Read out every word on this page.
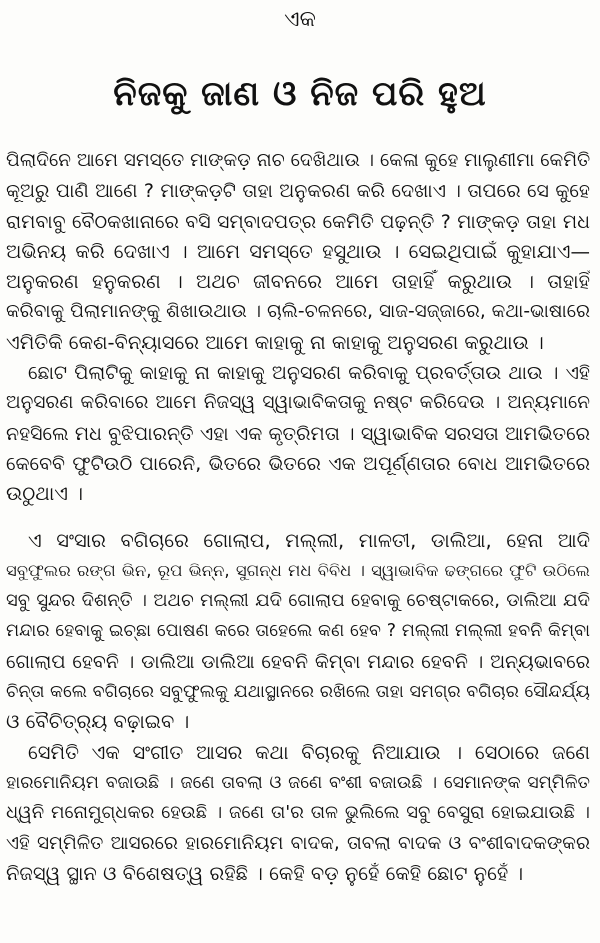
ଏକ
ନିଜକୁ ଜାଣ ଓ ନିଜ ପରି ହୁଅ
ପିଲାଦିନେ ଆମେ ସମସ୍ତେ ମାଙ୍କଡ଼ ନାଚ ଦେଖିଥାଉ । କେଳା କୁହେ ମାଲୁଣୀମା କେମିତି
କୂଅରୁ ପାଣି ଆଣେ ? ମାଙ୍କଡ଼ଟି ତାହା ଅନୁକରଣ କରି ଦେଖାଏ । ତାପରେ ସେ କୁହେ
ରାମବାବୁ ବୈଠକଖାନାରେ ବସି ସମ୍ବାଦପତ୍ର କେମିତି ପଢ଼ନ୍ତି ? ମାଙ୍କଡ଼ ତାହା ମଧ
ଅଭିନୟ କରି ଦେଖାଏ । ଆମେ ସମସ୍ତେ ହସୁଥାଉ । ସେଇଥିପାଇଁ କୁହାଯାଏ—
ଅନୁକରଣ ହନୁକରଣ । ଅଥଚ ଜୀବନରେ ଆମେ ତାହାହିଁ କରୁଥାଉ । ତାହାହିଁ
କରିବାକୁ ପିଲାମାନଙ୍କୁ ଶିଖାଉଥାଉ । ଚାଲି-ଚଳନରେ, ସାଜ-ସଜ୍ଜାରେ, କଥା-ଭାଷାରେ
ଏମିତିକି କେଶ-ବିନ୍ୟାସରେ ଆମେ କାହାକୁ ନା କାହାକୁ ଅନୁସରଣ କରୁଥାଉ ।
ଛୋଟ ପିଲାଟିକୁ କାହାକୁ ନା କାହାକୁ ଅନୁସରଣ କରିବାକୁ ପ୍ରବର୍ତ୍ତାଉ ଥାଉ । ଏହି
ଅନୁସରଣ କରିବାରେ ଆମେ ନିଜସ୍ୱ ସ୍ୱାଭାବିକତାକୁ ନଷ୍ଟ କରିଦେଉ । ଅନ୍ୟମାନେ
ନହସିଲେ ମଧ ବୁଝିପାରନ୍ତି ଏହା ଏକ କୃତ୍ରିମତା । ସ୍ୱାଭାବିକ ସରସତା ଆମଭିତରେ
କେବେବି ଫୁଟିଉଠି ପାରେନି, ଭିତରେ ଭିତରେ ଏକ ଅପୂର୍ଣ୍ଣତାର ବୋଧ ଆମଭିତରେ
ଉଠୁଥାଏ ।
ଏ ସଂସାର ବଗିଚାରେ ଗୋଲାପ, ମଲ୍ଲୀ, ମାଳତୀ, ଡାଲିଆ, ହେନା ଆଦି
ସବୁଫୁଲର ରଙ୍ଗ ଭିନ, ରୂପ ଭିନ୍ନ, ସୁଗନ୍ଧ ମଧ ବିବିଧ । ସ୍ୱାଭାବିକ ଢଙ୍ଗରେ ଫୁଟି ଉଠିଲେ
ସବୁ ସୁନ୍ଦର ଦିଶନ୍ତି । ଅଥଚ ମଲ୍ଲୀ ଯଦି ଗୋଲାପ ହେବାକୁ ଚେଷ୍ଟାକରେ, ଡାଲିଆ ଯଦି
ମନ୍ଦାର ହେବାକୁ ଇଚ୍ଛା ପୋଷଣ କରେ ତାହେଲେ କଣ ହେବ ? ମଲ୍ଲୀ ମଲ୍ଲୀ ହବନି କିମ୍ବା
ଗୋଲାପ ହେବନି । ଡାଲିଆ ଡାଲିଆ ହେବନି କିମ୍ବା ମନ୍ଦାର ହେବନି । ଅନ୍ୟଭାବରେ
ଚିନ୍ତା କଲେ ବଗିଚାରେ ସବୁଫୁଲକୁ ଯଥାସ୍ଥାନରେ ରଖିଲେ ତାହା ସମଗ୍ର ବଗିଚାର ସୌନ୍ଦର୍ଯ୍ୟ
ଓ ବୈଚିତ୍ର୍ୟ ବଢ଼ାଇବ ।
ସେମିତି ଏକ ସଂଗୀତ ଆସର କଥା ବିଚାରକୁ ନିଆଯାଉ । ସେଠାରେ ଜଣେ
ହାରମୋନିୟମ ବଜାଉଛି । ଜଣେ ତାବଲା ଓ ଜଣେ ବଂଶୀ ବଜାଉଛି । ସେମାନଙ୍କ ସମ୍ମିଳିତ
ଧ୍ୱନି ମନୋମୁଗ୍ଧକର ହେଉଛି । ଜଣେ ତା'ର ତାଳ ଭୁଲିଲେ ସବୁ ବେସୁରା ହୋଇଯାଉଛି ।
ଏହି ସମ୍ମିଳିତ ଆସରରେ ହାରମୋନିୟମ ବାଦକ, ତାବଲା ବାଦକ ଓ ବଂଶୀବାଦକଙ୍କର
ନିଜସ୍ୱ ସ୍ଥାନ ଓ ବିଶେଷତ୍ୱ ରହିଛି । କେହି ବଡ଼ ନୁହେଁ କେହି ଛୋଟ ନୁହେଁ ।
